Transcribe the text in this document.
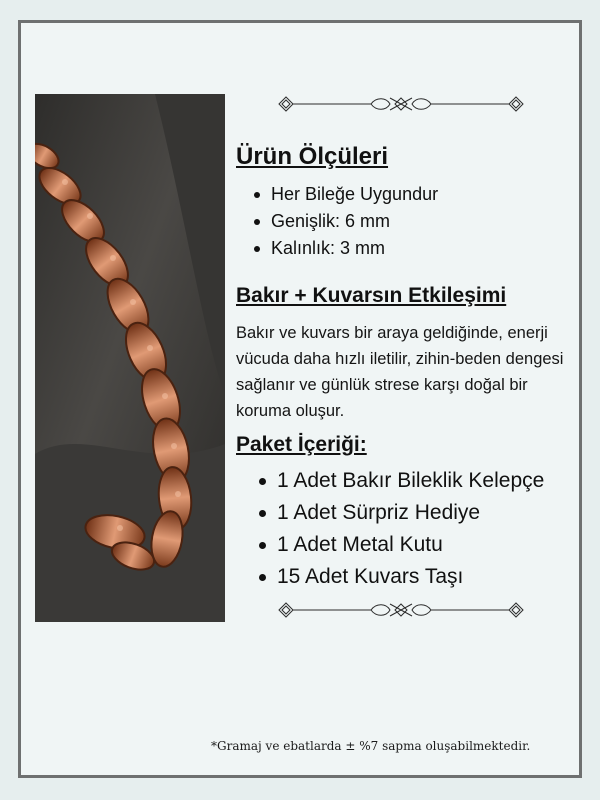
Ürün Ölçüleri
Her Bileğe Uygundur
Genişlik: 6 mm
Kalınlık: 3 mm
Bakır + Kuvarsın Etkileşimi

Bakır ve kuvars bir araya geldiğinde, enerji vücuda daha hızlı iletilir, zihin-beden dengesi sağlanır ve günlük strese karşı doğal bir koruma oluşur.

Paket İçeriği:
1 Adet Bakır Bileklik Kelepçe
1 Adet Sürpriz Hediye
1 Adet Metal Kutu
15 Adet Kuvars Taşı
*Gramaj ve ebatlarda ± %7 sapma oluşabilmektedir.
